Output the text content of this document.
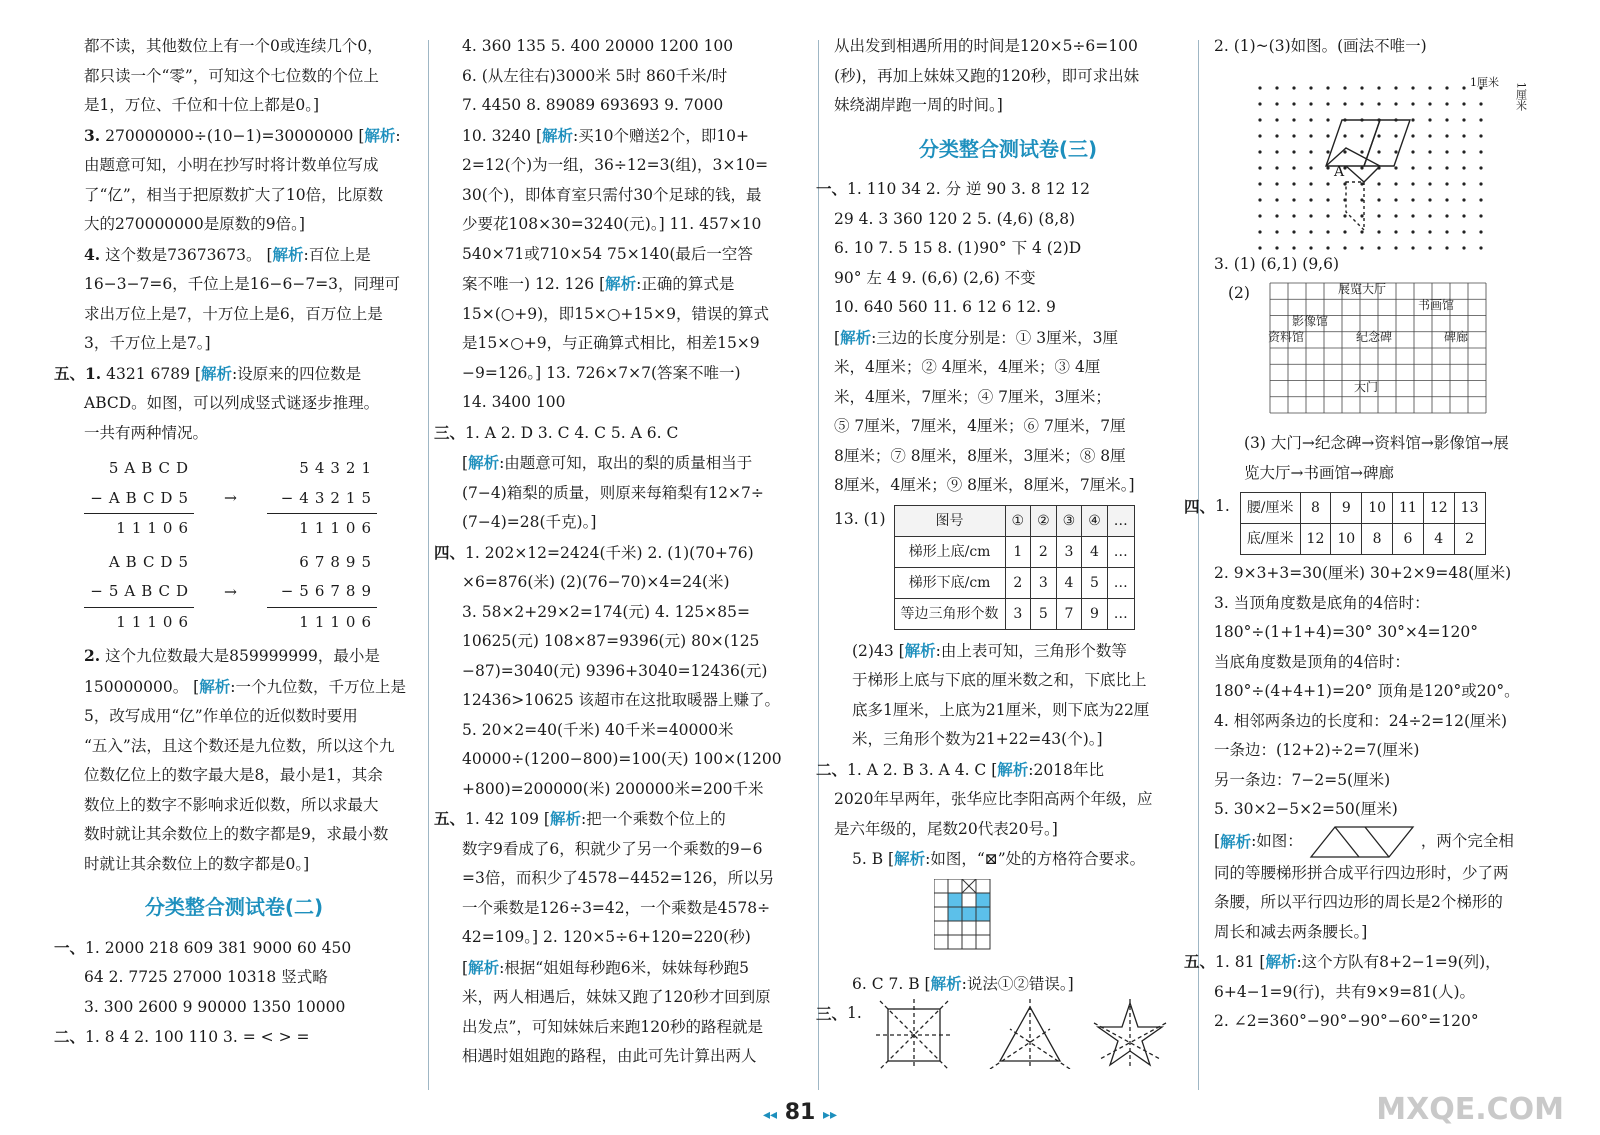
都不读，其他数位上有一个0或连续几个0，

都只读一个“零”，可知这个七位数的个位上

是1，万位、千位和十位上都是0。]

3. 270000000÷(10−1)=30000000 [解析:

由题意可知，小明在抄写时将计数单位写成

了“亿”，相当于把原数扩大了10倍，比原数

大的270000000是原数的9倍。]

4. 这个数是73673673。 [解析:百位上是

16−3−7=6，千位上是16−6−7=3，同理可

求出万位上是7，十万位上是6，百万位上是

3，千万位上是7。]

五、1. 4321 6789 [解析:设原来的四位数是

ABCD。如图，可以列成竖式谜逐步推理。

一共有两种情况。

5ABCD
−ABCD5
11106
→
54321
−43215
11106
ABCD5
−5ABCD
11106
→
67895
−56789
11106

2. 这个九位数最大是859999999，最小是

150000000。 [解析:一个九位数，千万位上是

5，改写成用“亿”作单位的近似数时要用

“五入”法，且这个数还是九位数，所以这个九

位数亿位上的数字最大是8，最小是1，其余

数位上的数字不影响求近似数，所以求最大

数时就让其余数位上的数字都是9，求最小数

时就让其余数位上的数字都是0。]

分类整合测试卷(二)

一、1. 2000 218 609 381 9000 60 450

64 2. 7725 27000 10318 竖式略

3. 300 2600 9 90000 1350 10000

二、1. 8 4 2. 100 110 3. = < > =

4. 360 135 5. 400 20000 1200 100

6. (从左往右)3000米 5时 860千米/时

7. 4450 8. 89089 693693 9. 7000

10. 3240 [解析:买10个赠送2个，即10+

2=12(个)为一组，36÷12=3(组)，3×10=

30(个)，即体育室只需付30个足球的钱，最

少要花108×30=3240(元)。] 11. 457×10

540×71或710×54 75×140(最后一空答

案不唯一) 12. 126 [解析:正确的算式是

15×(○+9)，即15×○+15×9，错误的算式

是15×○+9，与正确算式相比，相差15×9

−9=126。] 13. 726×7×7(答案不唯一)

14. 3400 100

三、1. A 2. D 3. C 4. C 5. A 6. C

[解析:由题意可知，取出的梨的质量相当于

(7−4)箱梨的质量，则原来每箱梨有12×7÷

(7−4)=28(千克)。]

四、1. 202×12=2424(千米) 2. (1)(70+76)

×6=876(米) (2)(76−70)×4=24(米)

3. 58×2+29×2=174(元) 4. 125×85=

10625(元) 108×87=9396(元) 80×(125

−87)=3040(元) 9396+3040=12436(元)

12436>10625 该超市在这批取暖器上赚了。

5. 20×2=40(千米) 40千米=40000米

40000÷(1200−800)=100(天) 100×(1200

+800)=200000(米) 200000米=200千米

五、1. 42 109 [解析:把一个乘数个位上的

数字9看成了6，积就少了另一个乘数的9−6

=3倍，而积少了4578−4452=126，所以另

一个乘数是126÷3=42，一个乘数是4578÷

42=109。] 2. 120×5÷6+120=220(秒)

[解析:根据“姐姐每秒跑6米，妹妹每秒跑5

米，两人相遇后，妹妹又跑了120秒才回到原

出发点”，可知妹妹后来跑120秒的路程就是

相遇时姐姐跑的路程，由此可先计算出两人

从出发到相遇所用的时间是120×5÷6=100

(秒)，再加上妹妹又跑的120秒，即可求出妹

妹绕湖岸跑一周的时间。]

分类整合测试卷(三)

一、1. 110 34 2. 分 逆 90 3. 8 12 12

29 4. 3 360 120 2 5. (4,6) (8,8)

6. 10 7. 5 15 8. (1)90° 下 4 (2)D

90° 左 4 9. (6,6) (2,6) 不变

10. 640 560 11. 6 12 6 12. 9

[解析:三边的长度分别是：① 3厘米，3厘

米，4厘米；② 4厘米，4厘米；③ 4厘

米，4厘米，7厘米；④ 7厘米，3厘米；

⑤ 7厘米，7厘米，4厘米；⑥ 7厘米，7厘

8厘米；⑦ 8厘米，8厘米，3厘米；⑧ 8厘

8厘米，4厘米；⑨ 8厘米，8厘米，7厘米。]

13. (1)	图号	①	②	③	④	…
梯形上底/cm	1	2	3	4	…
梯形下底/cm	2	3	4	5	…
等边三角形个数	3	5	7	9	…

(2)43 [解析:由上表可知，三角形个数等

于梯形上底与下底的厘米数之和，下底比上

底多1厘米，上底为21厘米，则下底为22厘

米，三角形个数为21+22=43(个)。]

二、1. A 2. B 3. A 4. C [解析:2018年比

2020年早两年，张华应比李阳高两个年级，应

是六年级的，尾数20代表20号。]

5. B [解析:如图，“⊠”处的方格符合要求。

6. C 7. B [解析:说法①②错误。]

三、 1.

2. (1)~(3)如图。(画法不唯一)

A
1厘米	1厘米

3. (1) (6,1) (9,6)

(2)	展览大厅
书画馆
影像馆
资料馆	纪念碑	碑廊
大门

(3) 大门→纪念碑→资料馆→影像馆→展

览大厅→书画馆→碑廊

四、 1. 腰/厘米	8	9	10	11	12	13
底/厘米	12	10	8	6	4	2

2. 9×3+3=30(厘米) 30+2×9=48(厘米)

3. 当顶角度数是底角的4倍时：

180°÷(1+1+4)=30° 30°×4=120°

当底角度数是顶角的4倍时：

180°÷(4+4+1)=20° 顶角是120°或20°。

4. 相邻两条边的长度和：24÷2=12(厘米)

一条边：(12+2)÷2=7(厘米)

另一条边：7−2=5(厘米)

5. 30×2−5×2=50(厘米)

[ 解析 :如图：	，两个完全相

同的等腰梯形拼合成平行四边形时，少了两

条腰，所以平行四边形的周长是2个梯形的

周长和减去两条腰长。]

五、1. 81 [解析:这个方队有8+2−1=9(列)，

6+4−1=9(行)，共有9×9=81(人)。

2. ∠2=360°−90°−90°−60°=120°

◂◂ 81 ▸▸	MXQE.COM
